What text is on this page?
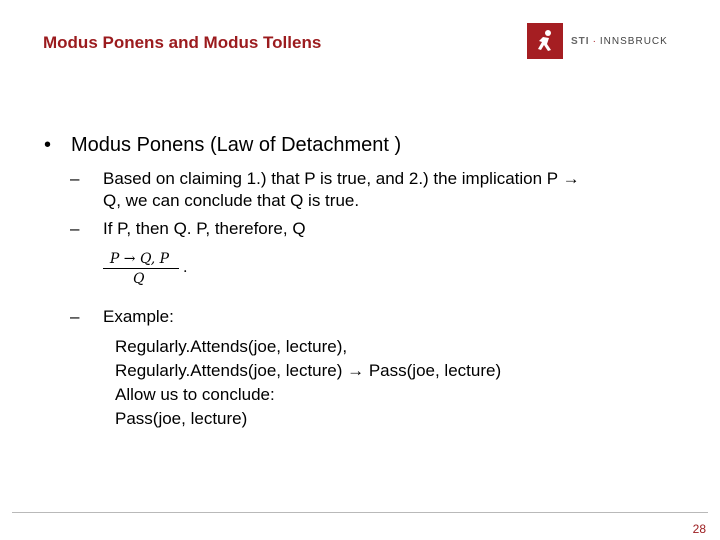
Modus Ponens and Modus Tollens	STI · INNSBRUCK
• Modus Ponens (Law of Detachment )
– Based on claiming 1.) that P is true, and 2.) the implication P →
Q, we can conclude that Q is true.
– If P, then Q. P, therefore, Q
P → Q, P
Q
.
– Example:
Regularly.Attends(joe, lecture),
Regularly.Attends(joe, lecture) → Pass(joe, lecture)
Allow us to conclude:
Pass(joe, lecture)
28
